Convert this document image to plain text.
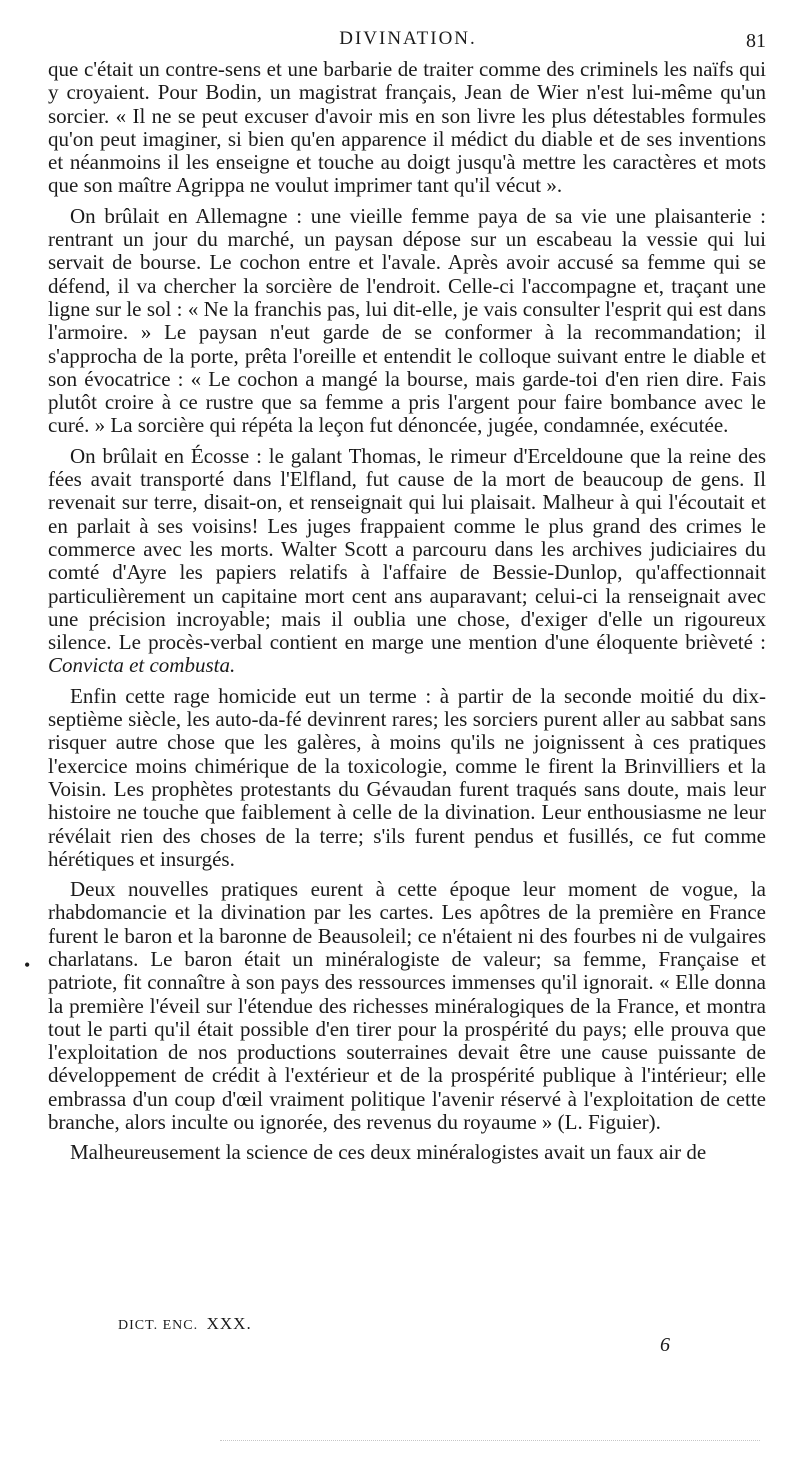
DIVINATION.	81

que c'était un contre-sens et une barbarie de traiter comme des criminels les naïfs qui y croyaient. Pour Bodin, un magistrat français, Jean de Wier n'est lui-même qu'un sorcier. « Il ne se peut excuser d'avoir mis en son livre les plus détestables formules qu'on peut imaginer, si bien qu'en apparence il médict du diable et de ses inventions et néanmoins il les enseigne et touche au doigt jusqu'à mettre les caractères et mots que son maître Agrippa ne voulut imprimer tant qu'il vécut ».

On brûlait en Allemagne : une vieille femme paya de sa vie une plaisanterie : rentrant un jour du marché, un paysan dépose sur un escabeau la vessie qui lui servait de bourse. Le cochon entre et l'avale. Après avoir accusé sa femme qui se défend, il va chercher la sorcière de l'endroit. Celle-ci l'accompagne et, traçant une ligne sur le sol : « Ne la franchis pas, lui dit-elle, je vais consulter l'esprit qui est dans l'armoire. » Le paysan n'eut garde de se conformer à la recommandation; il s'approcha de la porte, prêta l'oreille et entendit le colloque suivant entre le diable et son évocatrice : « Le cochon a mangé la bourse, mais garde-toi d'en rien dire. Fais plutôt croire à ce rustre que sa femme a pris l'argent pour faire bombance avec le curé. » La sorcière qui répéta la leçon fut dénoncée, jugée, condamnée, exécutée.

On brûlait en Écosse : le galant Thomas, le rimeur d'Erceldoune que la reine des fées avait transporté dans l'Elfland, fut cause de la mort de beaucoup de gens. Il revenait sur terre, disait-on, et renseignait qui lui plaisait. Malheur à qui l'écoutait et en parlait à ses voisins! Les juges frappaient comme le plus grand des crimes le commerce avec les morts. Walter Scott a parcouru dans les archives judiciaires du comté d'Ayre les papiers relatifs à l'affaire de Bessie-Dunlop, qu'affectionnait particulièrement un capitaine mort cent ans auparavant; celui-ci la renseignait avec une précision incroyable; mais il oublia une chose, d'exiger d'elle un rigoureux silence. Le procès-verbal contient en marge une mention d'une éloquente brièveté : Convicta et combusta.

Enfin cette rage homicide eut un terme : à partir de la seconde moitié du dix-septième siècle, les auto-da-fé devinrent rares; les sorciers purent aller au sabbat sans risquer autre chose que les galères, à moins qu'ils ne joignissent à ces pratiques l'exercice moins chimérique de la toxicologie, comme le firent la Brinvilliers et la Voisin. Les prophètes protestants du Gévaudan furent traqués sans doute, mais leur histoire ne touche que faiblement à celle de la divination. Leur enthousiasme ne leur révélait rien des choses de la terre; s'ils furent pendus et fusillés, ce fut comme hérétiques et insurgés.

Deux nouvelles pratiques eurent à cette époque leur moment de vogue, la rhabdomancie et la divination par les cartes. Les apôtres de la première en France furent le baron et la baronne de Beausoleil; ce n'étaient ni des fourbes ni de vulgaires charlatans. Le baron était un minéralogiste de valeur; sa femme, Française et patriote, fit connaître à son pays des ressources immenses qu'il ignorait. « Elle donna la première l'éveil sur l'étendue des richesses minéralogiques de la France, et montra tout le parti qu'il était possible d'en tirer pour la prospérité du pays; elle prouva que l'exploitation de nos productions souterraines devait être une cause puissante de développement de crédit à l'extérieur et de la prospérité publique à l'intérieur; elle embrassa d'un coup d'œil vraiment politique l'avenir réservé à l'exploitation de cette branche, alors inculte ou ignorée, des revenus du royaume » (L. Figuier).

Malheureusement la science de ces deux minéralogistes avait un faux air de

•
DICT. ENC. XXX.
6
